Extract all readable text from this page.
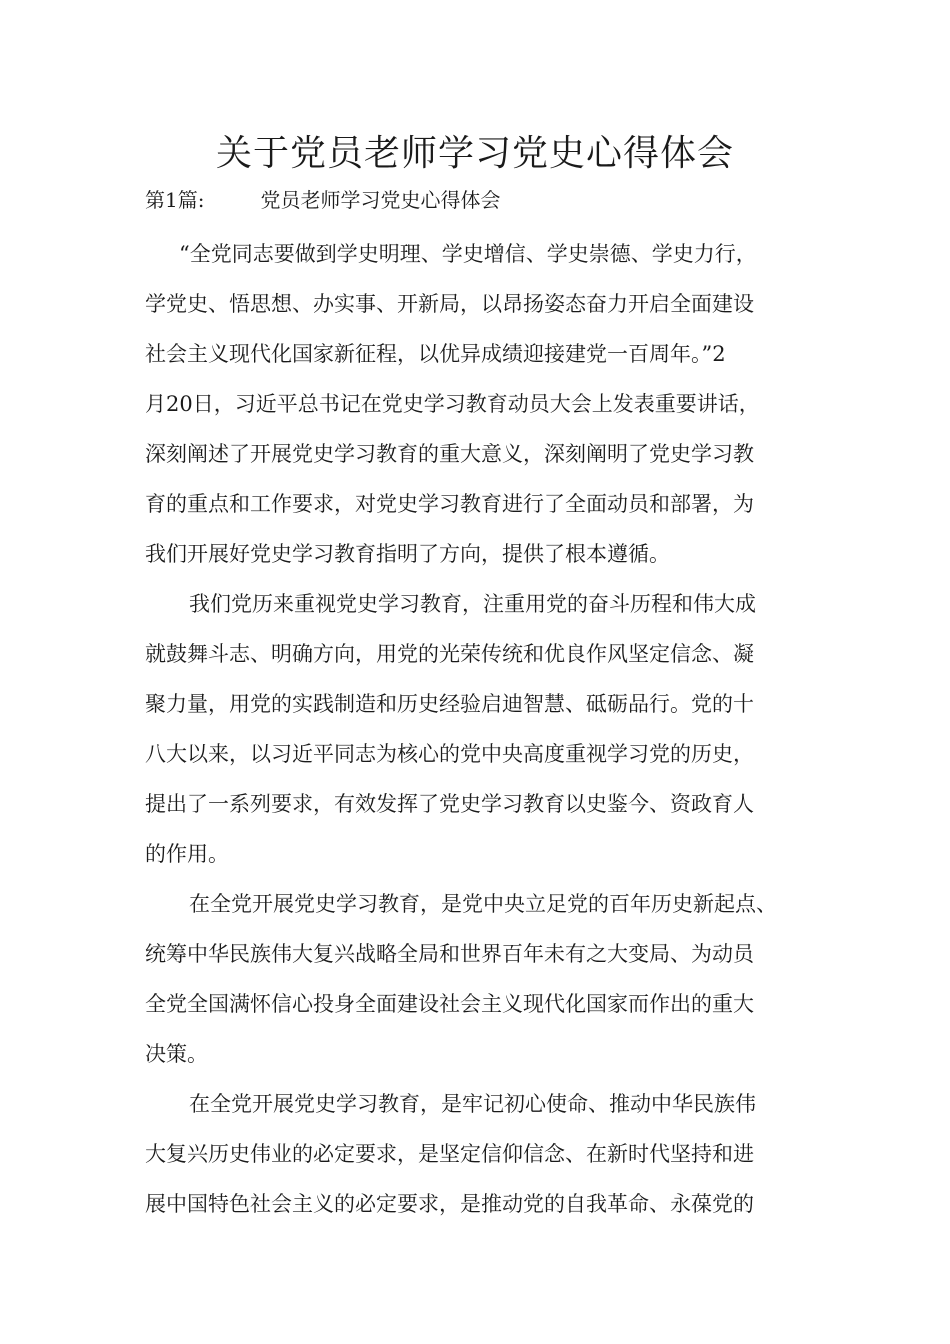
关于党员老师学习党史心得体会
第1篇:	党员老师学习党史心得体会
“全党同志要做到学史明理、学史增信、学史崇德、学史力行，
学党史、悟思想、办实事、开新局，以昂扬姿态奋力开启全面建设
社会主义现代化国家新征程，以优异成绩迎接建党一百周年。”2
月20日，习近平总书记在党史学习教育动员大会上发表重要讲话，
深刻阐述了开展党史学习教育的重大意义，深刻阐明了党史学习教
育的重点和工作要求，对党史学习教育进行了全面动员和部署，为
我们开展好党史学习教育指明了方向，提供了根本遵循。
我们党历来重视党史学习教育，注重用党的奋斗历程和伟大成
就鼓舞斗志、明确方向，用党的光荣传统和优良作风坚定信念、凝
聚力量，用党的实践制造和历史经验启迪智慧、砥砺品行。党的十
八大以来，以习近平同志为核心的党中央高度重视学习党的历史，
提出了一系列要求，有效发挥了党史学习教育以史鉴今、资政育人
的作用。
在全党开展党史学习教育，是党中央立足党的百年历史新起点、
统筹中华民族伟大复兴战略全局和世界百年未有之大变局、为动员
全党全国满怀信心投身全面建设社会主义现代化国家而作出的重大
决策。
在全党开展党史学习教育，是牢记初心使命、推动中华民族伟
大复兴历史伟业的必定要求，是坚定信仰信念、在新时代坚持和进
展中国特色社会主义的必定要求，是推动党的自我革命、永葆党的
